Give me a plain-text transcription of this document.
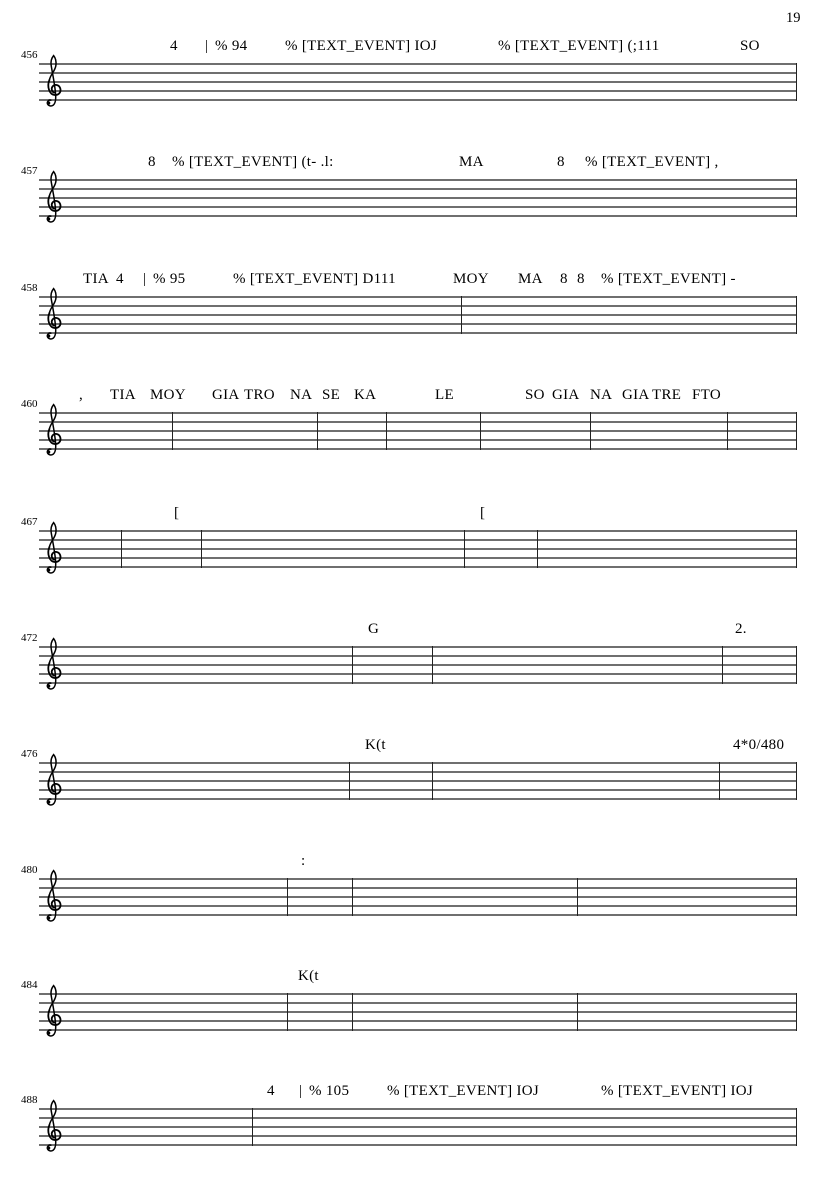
19
456
4 | % 94	% [TEXT_EVENT] IOJ	% [TEXT_EVENT] (;111	SO
457
8 % [TEXT_EVENT] (t- .l:	MA	8 % [TEXT_EVENT] ,
458
TIA 4 | % 95	% [TEXT_EVENT] D111	MOY MA 8 8 % [TEXT_EVENT] -
460
, TIA MOY GIA TRO NA SE KA	LE	SO GIA NA GIA TRE FTO
467
[	[
472
G	2.
476
K(t	4*0/480
480
:
484
K(t
488
4 | % 105	% [TEXT_EVENT] IOJ	% [TEXT_EVENT] IOJ
